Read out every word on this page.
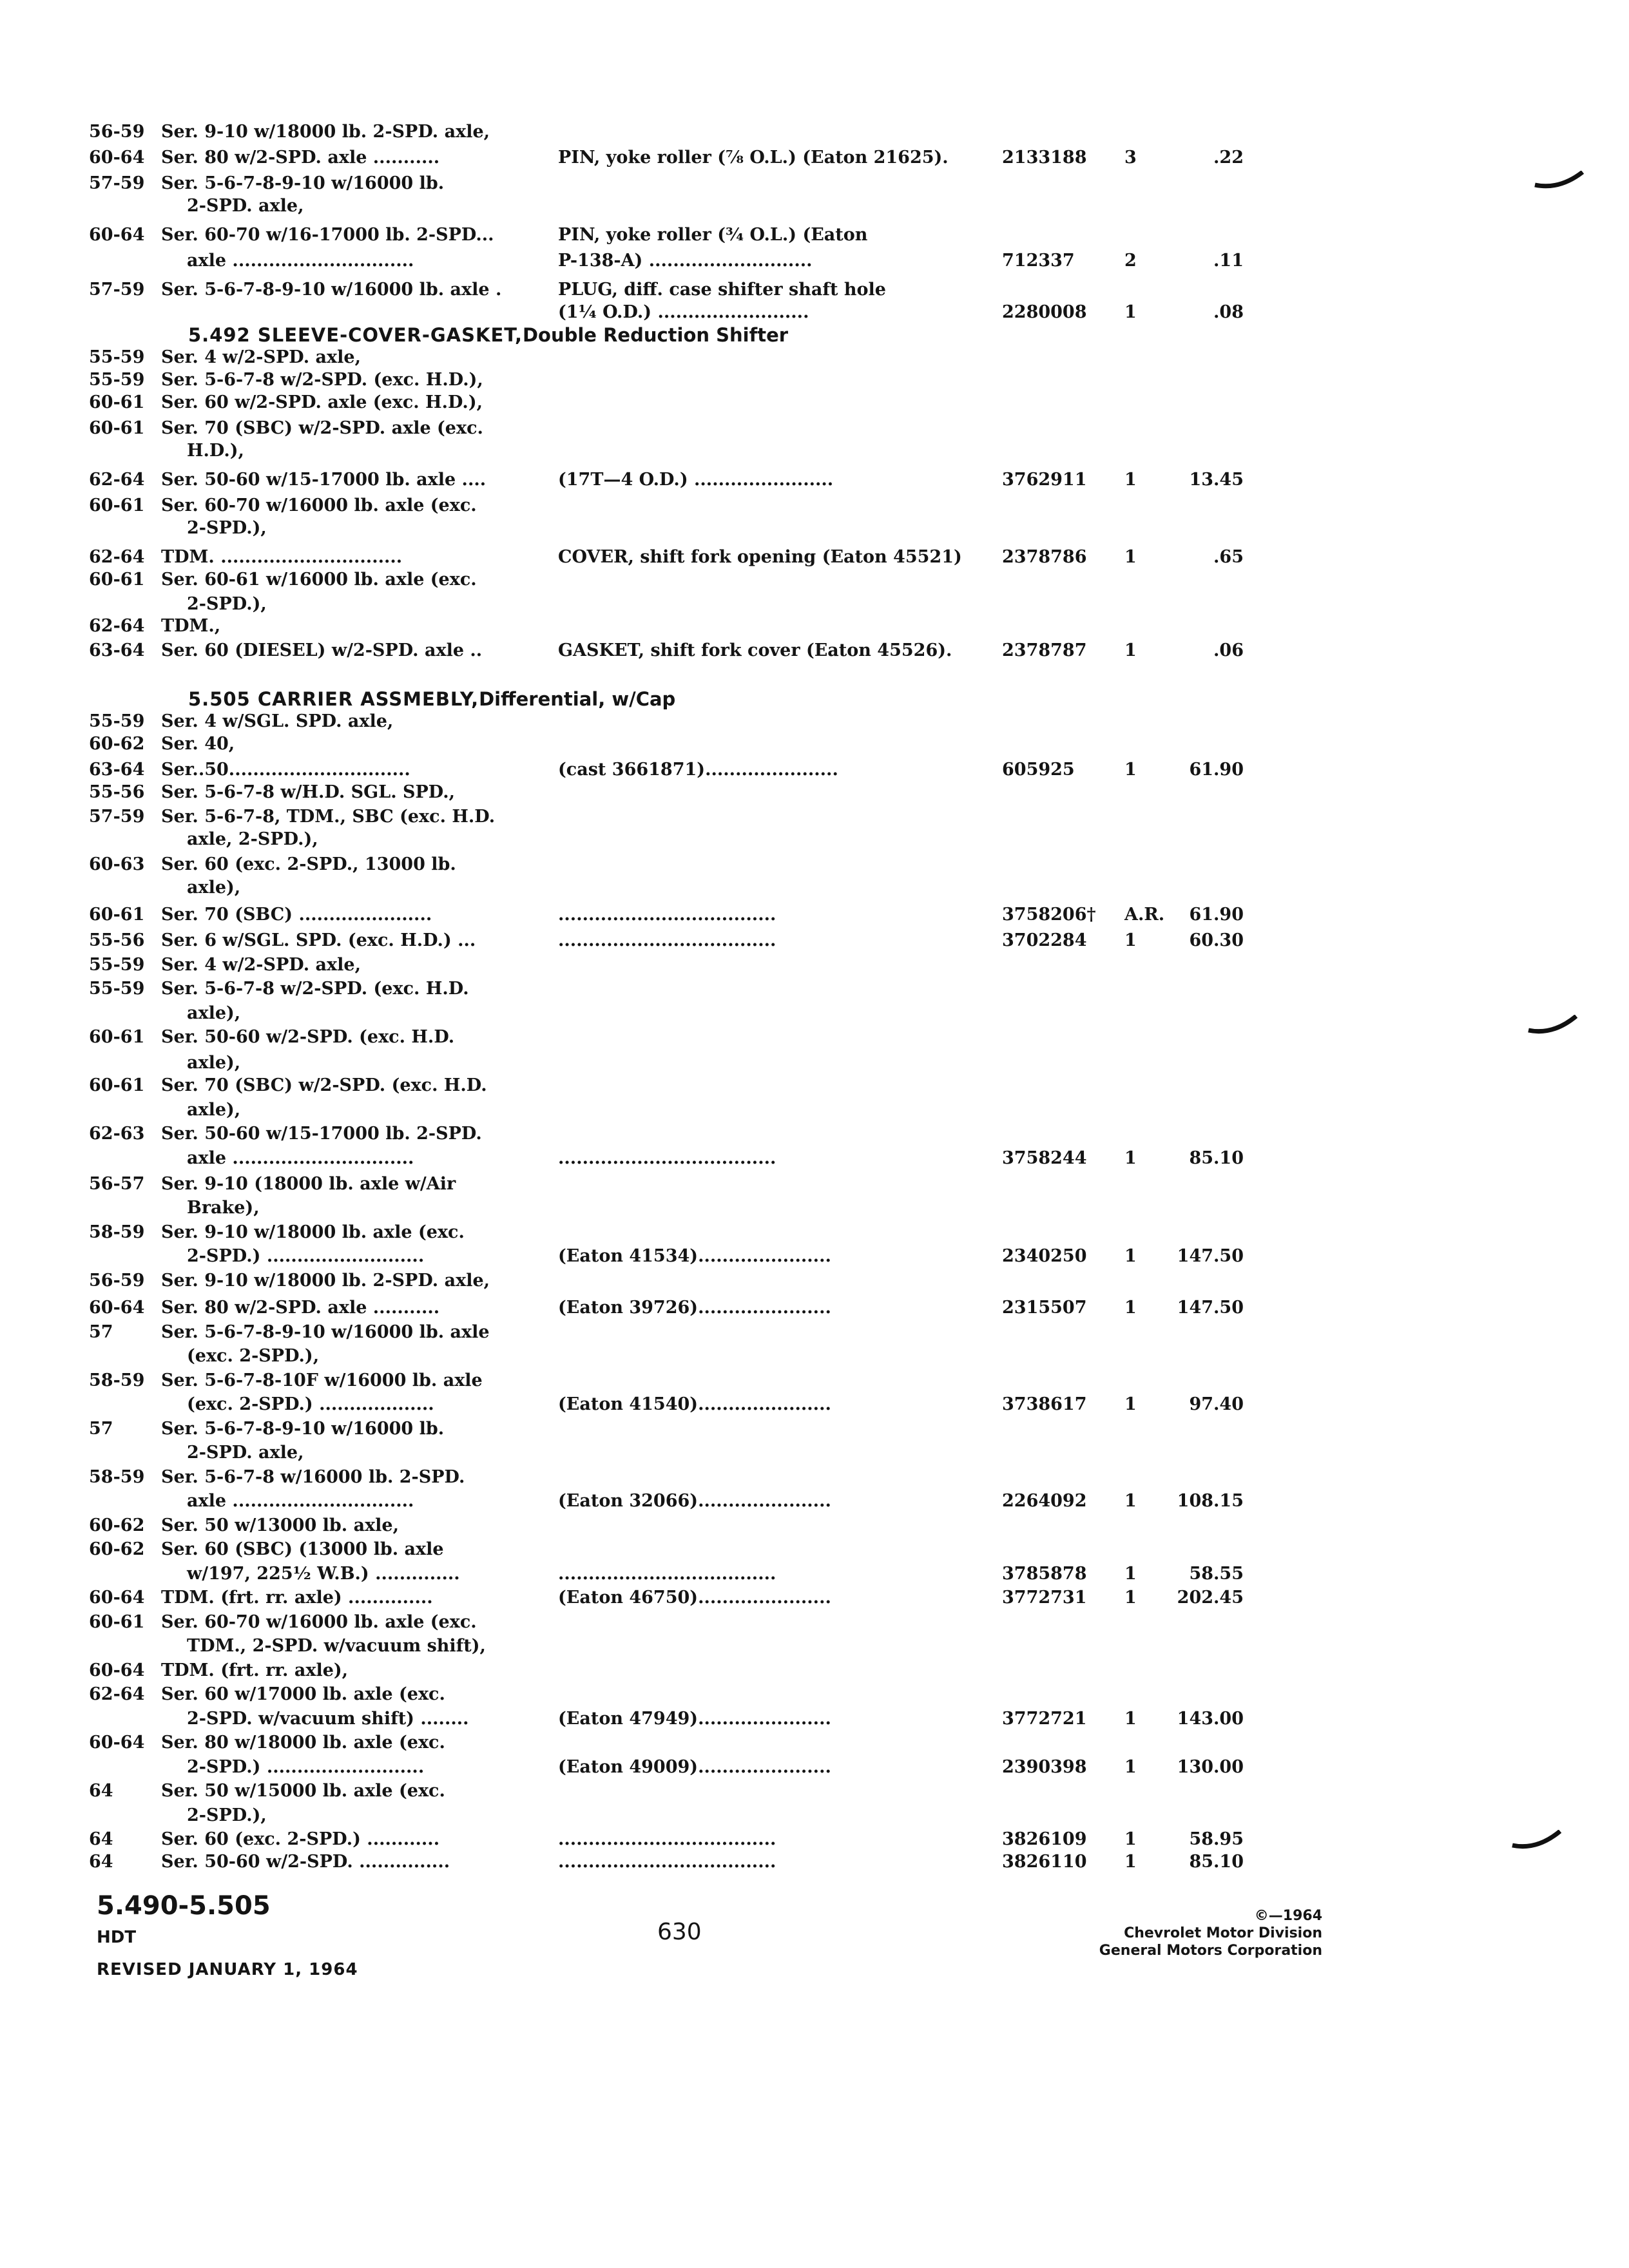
56-59 Ser. 9-10 w/18000 lb. 2-SPD. axle,
60-64 Ser. 80 w/2-SPD. axle ...........	PIN, yoke roller (⅞ O.L.) (Eaton 21625).	2133188 3	.22
57-59 Ser. 5-6-7-8-9-10 w/16000 lb.
2-SPD. axle,
60-64 Ser. 60-70 w/16-17000 lb. 2-SPD...	PIN, yoke roller (¾ O.L.) (Eaton
axle ..............................	P-138-A) ...........................	712337	2	.11
57-59 Ser. 5-6-7-8-9-10 w/16000 lb. axle .	PLUG, diff. case shifter shaft hole
(1¼ O.D.) .........................	2280008 1	.08
5.492 SLEEVE-COVER-GASKET,Double Reduction Shifter
55-59 Ser. 4 w/2-SPD. axle,
55-59 Ser. 5-6-7-8 w/2-SPD. (exc. H.D.),
60-61 Ser. 60 w/2-SPD. axle (exc. H.D.),
60-61 Ser. 70 (SBC) w/2-SPD. axle (exc.
H.D.),
62-64 Ser. 50-60 w/15-17000 lb. axle ....	(17T—4 O.D.) .......................	3762911 1	13.45
60-61 Ser. 60-70 w/16000 lb. axle (exc.
2-SPD.),
62-64 TDM. ..............................	COVER, shift fork opening (Eaton 45521) 2378786 1	.65
60-61 Ser. 60-61 w/16000 lb. axle (exc.
2-SPD.),
62-64 TDM.,
63-64 Ser. 60 (DIESEL) w/2-SPD. axle ..	GASKET, shift fork cover (Eaton 45526).	2378787 1	.06
5.505 CARRIER ASSMEBLY,Differential, w/Cap
55-59 Ser. 4 w/SGL. SPD. axle,
60-62 Ser. 40,
63-64 Ser..50..............................	(cast 3661871)......................	605925	1	61.90
55-56 Ser. 5-6-7-8 w/H.D. SGL. SPD.,
57-59 Ser. 5-6-7-8, TDM., SBC (exc. H.D.
axle, 2-SPD.),
60-63 Ser. 60 (exc. 2-SPD., 13000 lb.
axle),
60-61 Ser. 70 (SBC) ......................	....................................	3758206† A.R.	61.90
55-56 Ser. 6 w/SGL. SPD. (exc. H.D.) ...	....................................	3702284 1	60.30
55-59 Ser. 4 w/2-SPD. axle,
55-59 Ser. 5-6-7-8 w/2-SPD. (exc. H.D.
axle),
60-61 Ser. 50-60 w/2-SPD. (exc. H.D.
axle),
60-61 Ser. 70 (SBC) w/2-SPD. (exc. H.D.
axle),
62-63 Ser. 50-60 w/15-17000 lb. 2-SPD.
axle ..............................	....................................	3758244 1	85.10
56-57 Ser. 9-10 (18000 lb. axle w/Air
Brake),
58-59 Ser. 9-10 w/18000 lb. axle (exc.
2-SPD.) ..........................	(Eaton 41534)......................	2340250 1	147.50
56-59 Ser. 9-10 w/18000 lb. 2-SPD. axle,
60-64 Ser. 80 w/2-SPD. axle ...........	(Eaton 39726)......................	2315507 1	147.50
57	Ser. 5-6-7-8-9-10 w/16000 lb. axle
(exc. 2-SPD.),
58-59 Ser. 5-6-7-8-10F w/16000 lb. axle
(exc. 2-SPD.) ...................	(Eaton 41540)......................	3738617 1	97.40
57	Ser. 5-6-7-8-9-10 w/16000 lb.
2-SPD. axle,
58-59 Ser. 5-6-7-8 w/16000 lb. 2-SPD.
axle ..............................	(Eaton 32066)......................	2264092 1	108.15
60-62 Ser. 50 w/13000 lb. axle,
60-62 Ser. 60 (SBC) (13000 lb. axle
w/197, 225½ W.B.) ..............	....................................	3785878 1	58.55
60-64 TDM. (frt. rr. axle) ..............	(Eaton 46750)......................	3772731 1	202.45
60-61 Ser. 60-70 w/16000 lb. axle (exc.
TDM., 2-SPD. w/vacuum shift),
60-64 TDM. (frt. rr. axle),
62-64 Ser. 60 w/17000 lb. axle (exc.
2-SPD. w/vacuum shift) ........	(Eaton 47949)......................	3772721 1	143.00
60-64 Ser. 80 w/18000 lb. axle (exc.
2-SPD.) ..........................	(Eaton 49009)......................	2390398 1	130.00
64	Ser. 50 w/15000 lb. axle (exc.
2-SPD.),
64	Ser. 60 (exc. 2-SPD.) ............	....................................	3826109 1	58.95
64	Ser. 50-60 w/2-SPD. ...............	....................................	3826110 1	85.10
5.490-5.505
HDT
REVISED JANUARY 1, 1964
630
©—1964
Chevrolet Motor Division
General Motors Corporation
